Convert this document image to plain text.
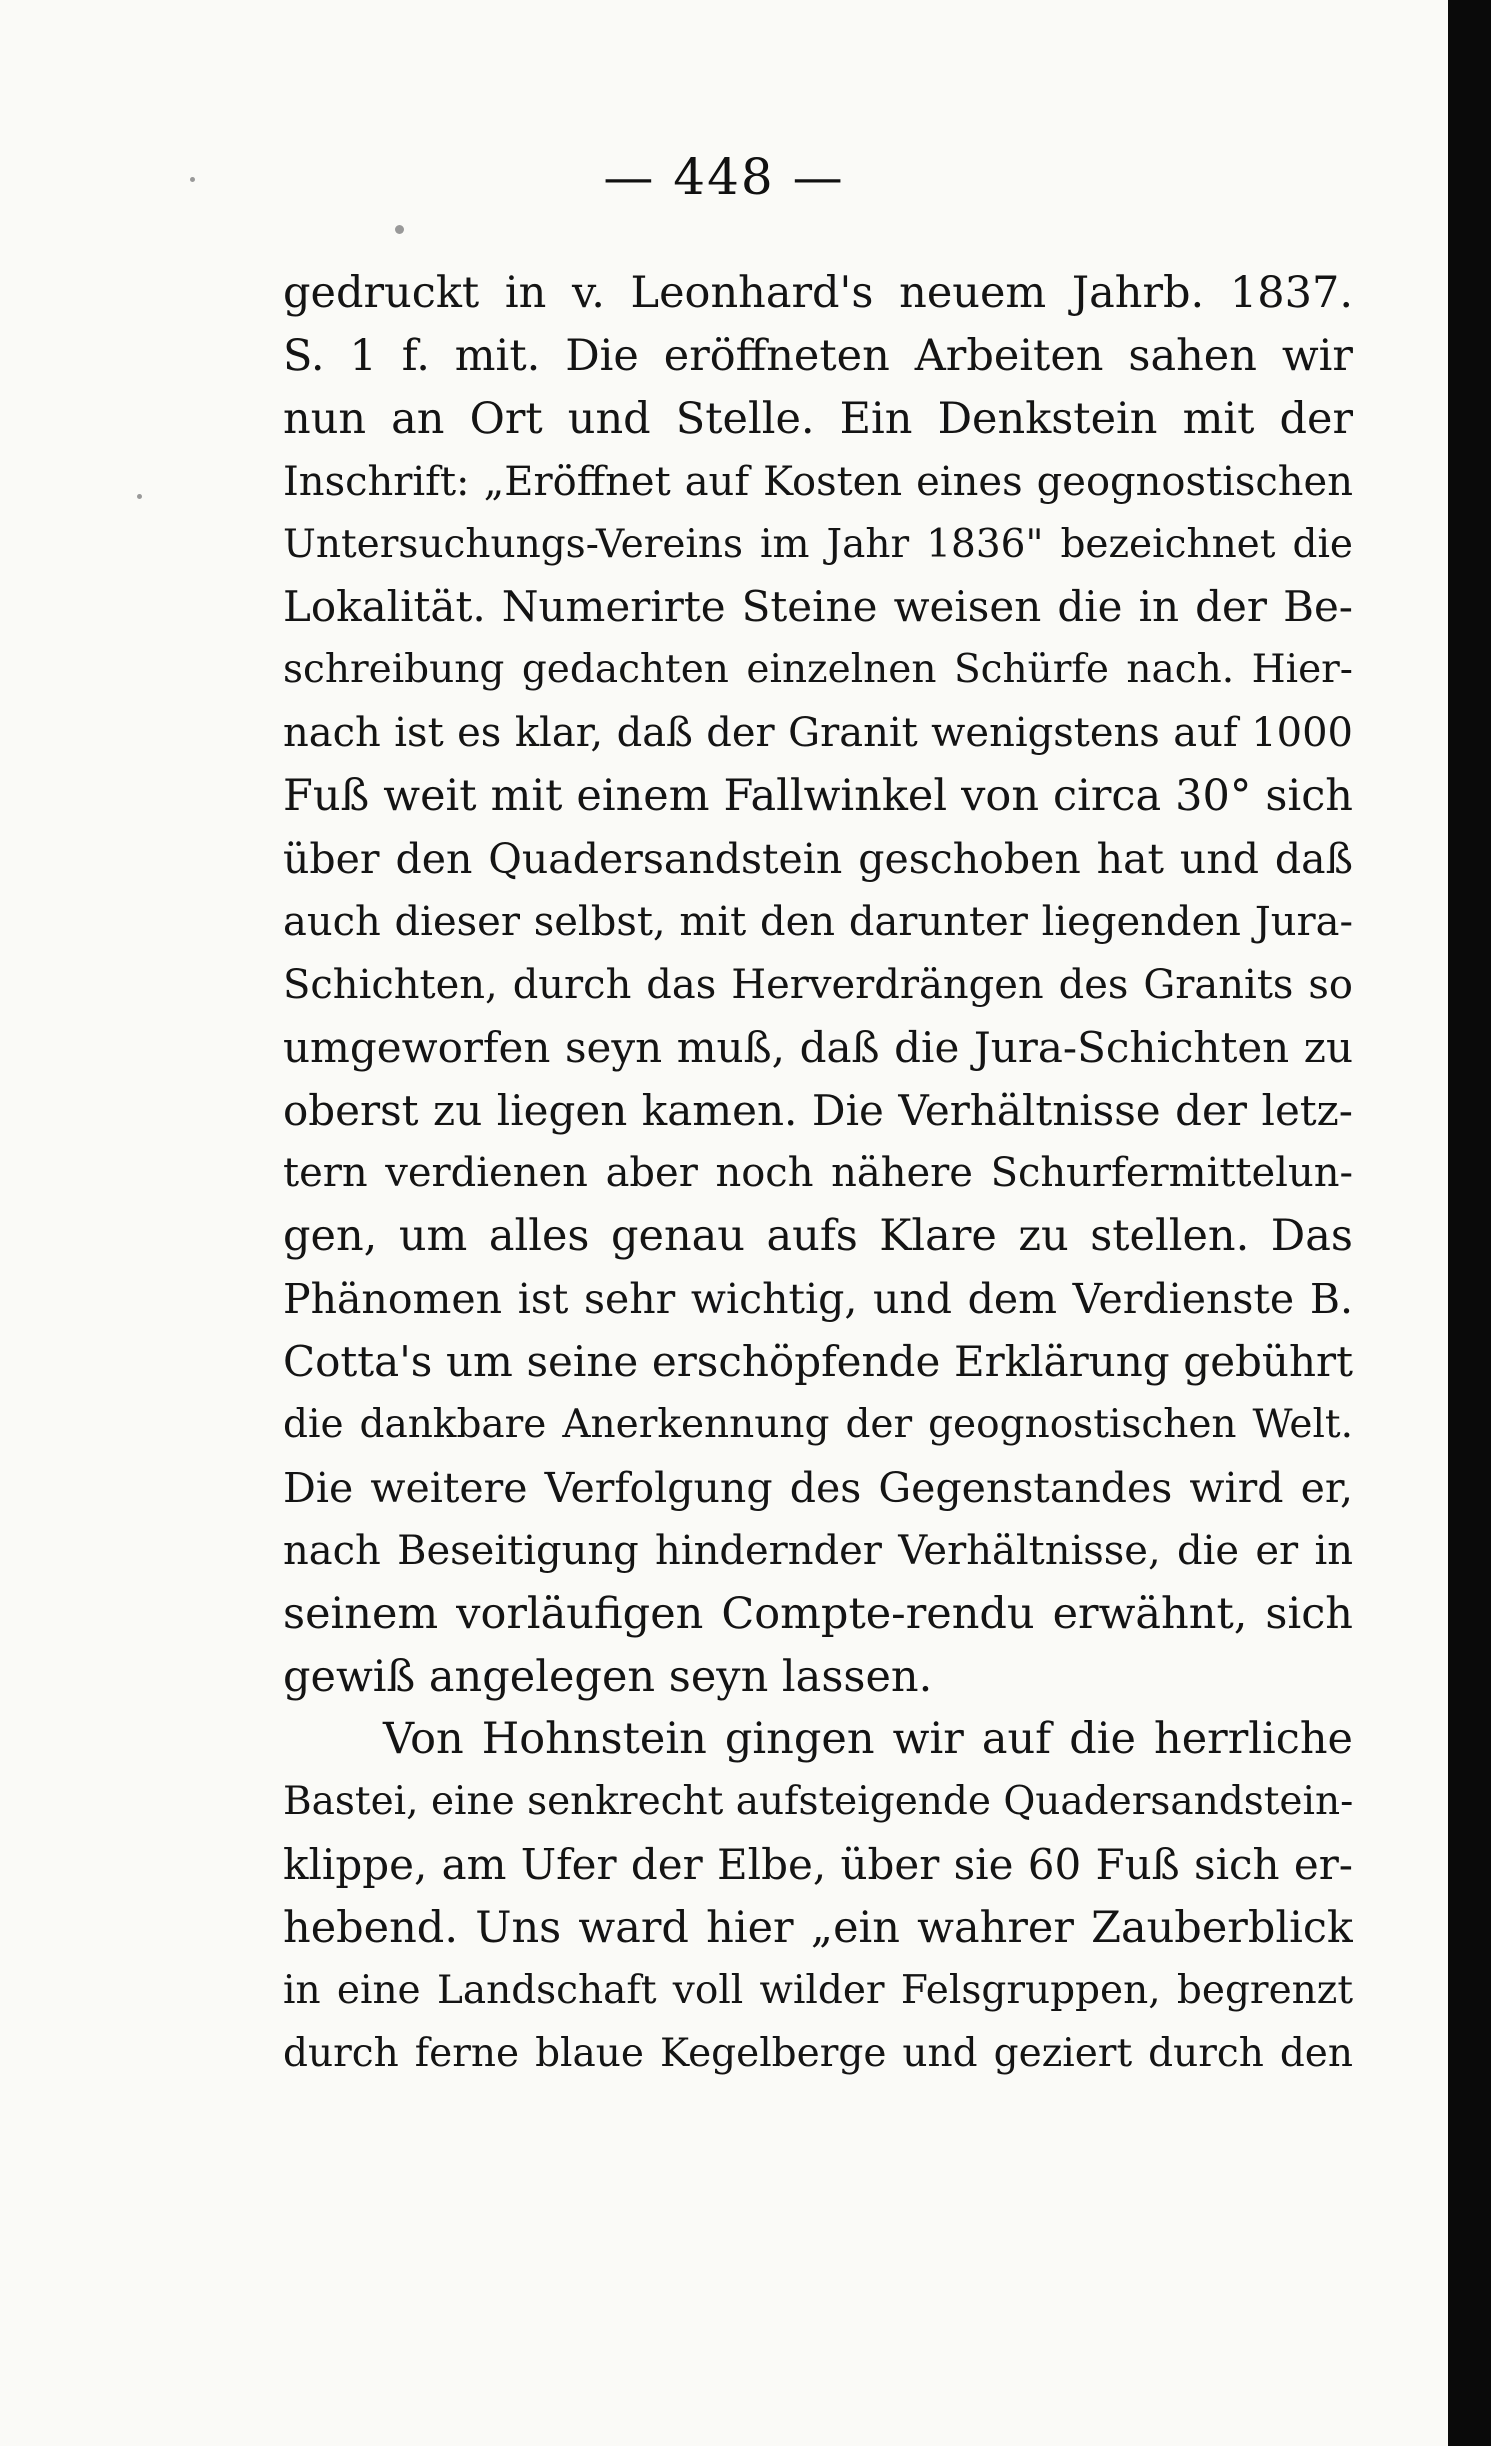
— 448 —
gedruckt in v. Leonhard's neuem Jahrb. 1837.
S. 1 f. mit. Die eröffneten Arbeiten sahen wir
nun an Ort und Stelle. Ein Denkstein mit der
Inschrift: „Eröffnet auf Kosten eines geognostischen
Untersuchungs-Vereins im Jahr 1836" bezeichnet die
Lokalität. Numerirte Steine weisen die in der Be-
schreibung gedachten einzelnen Schürfe nach. Hier-
nach ist es klar, daß der Granit wenigstens auf 1000
Fuß weit mit einem Fallwinkel von circa 30° sich
über den Quadersandstein geschoben hat und daß
auch dieser selbst, mit den darunter liegenden Jura-
Schichten, durch das Herverdrängen des Granits so
umgeworfen seyn muß, daß die Jura-Schichten zu
oberst zu liegen kamen. Die Verhältnisse der letz-
tern verdienen aber noch nähere Schurfermittelun-
gen, um alles genau aufs Klare zu stellen. Das
Phänomen ist sehr wichtig, und dem Verdienste B.
Cotta's um seine erschöpfende Erklärung gebührt
die dankbare Anerkennung der geognostischen Welt.
Die weitere Verfolgung des Gegenstandes wird er,
nach Beseitigung hindernder Verhältnisse, die er in
seinem vorläufigen Compte-rendu erwähnt, sich
gewiß angelegen seyn lassen.
Von Hohnstein gingen wir auf die herrliche
Bastei, eine senkrecht aufsteigende Quadersandstein-
klippe, am Ufer der Elbe, über sie 60 Fuß sich er-
hebend. Uns ward hier „ein wahrer Zauberblick
in eine Landschaft voll wilder Felsgruppen, begrenzt
durch ferne blaue Kegelberge und geziert durch den
